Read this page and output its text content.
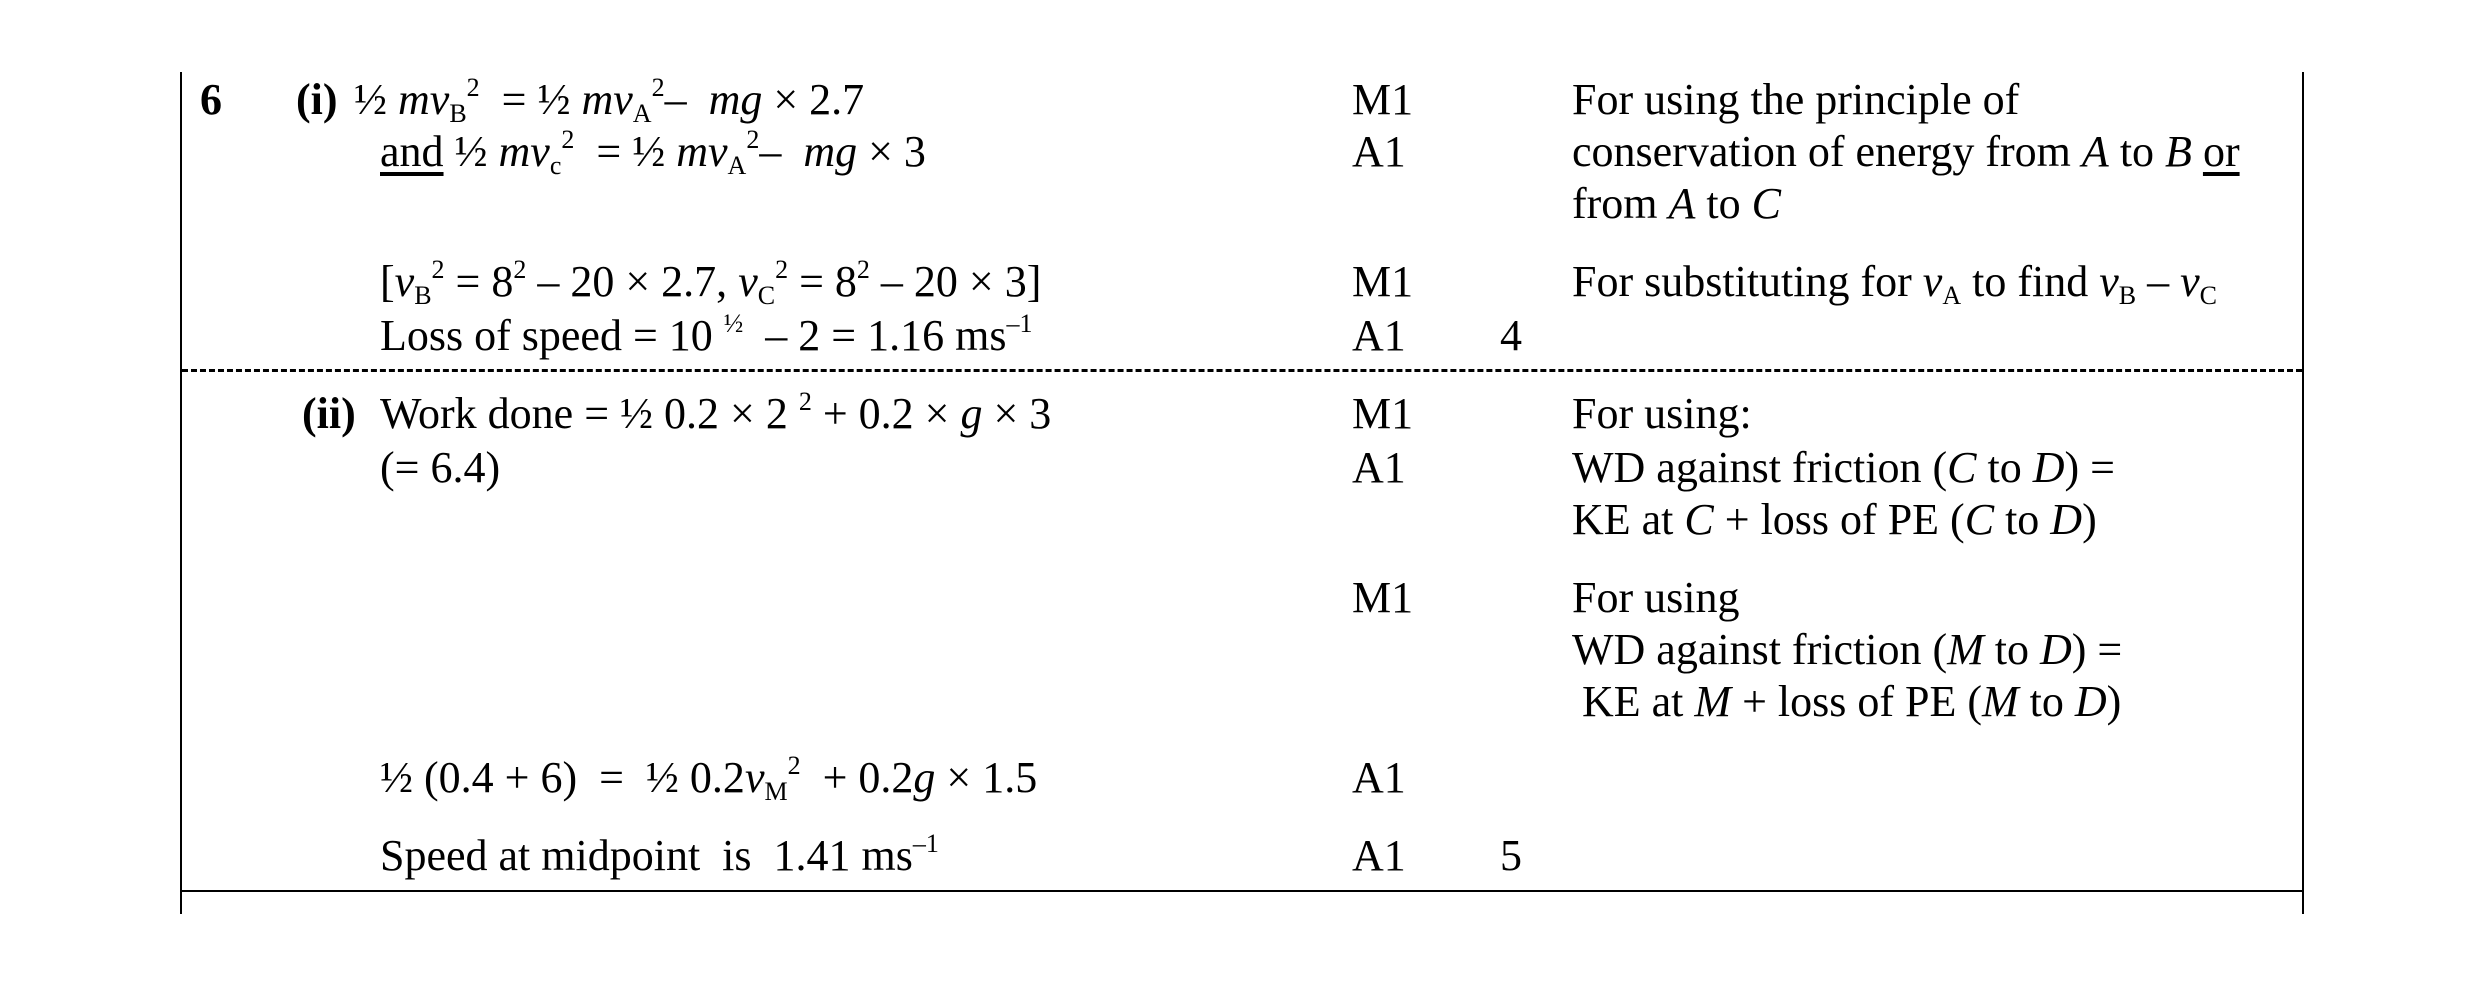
6 (i) ½ $mv_B^2$  = ½ $mv_A^2-$  mg × 2.7
and ½ $mv_c^2$  = ½ $mv_A^2-$  mg × 3
[$v_B^2 = 8^2 - 20 \times 2.7$, $v_C^2 = 8^2 - 20 \times 3$]
Loss of speed = 10 $^{\frac{1}{2}}$  – 2 = 1.16 $ms^{-1}$
M1
A1
M1
A1 4
For using the principle of
conservation of energy from A to B or
from A to C
For substituting for $v_A$ to find $v_B - v_C$
(ii) Work done = ½ 0.2 × 2 $^2$ + 0.2 × g × 3
(= 6.4)
½ (0.4 + 6)  =  ½ $0.2v_M^2 + 0.2g \times 1.5$
Speed at midpoint  is  1.41 $ms^{-1}$
M1
A1
M1
A1
A1 5
For using:
WD against friction (C to D) =
KE at C + loss of PE (C to D)
For using
WD against friction (M to D) =
KE at M + loss of PE (M to D)
